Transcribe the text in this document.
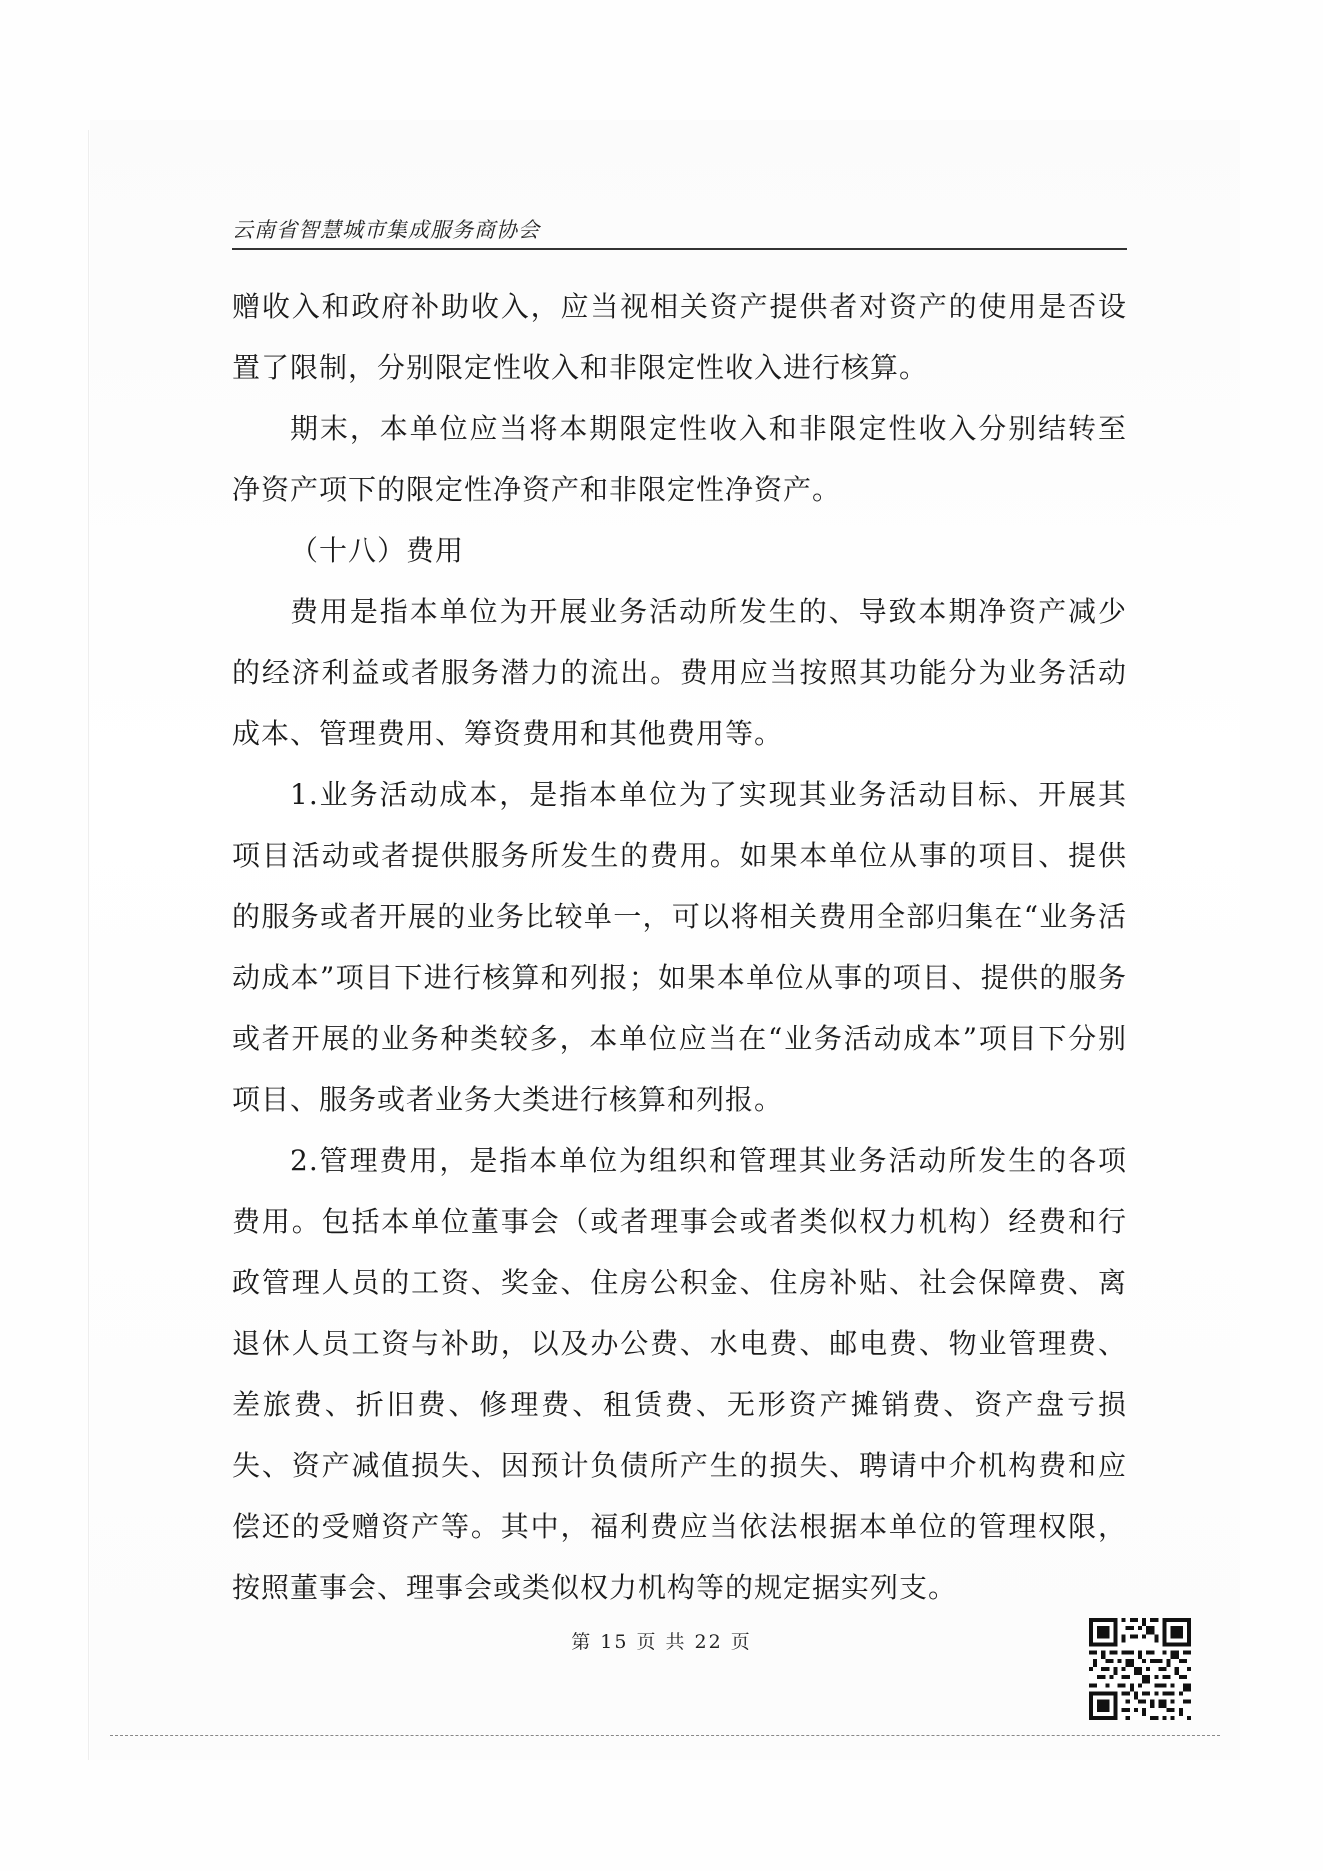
云南省智慧城市集成服务商协会

赠收入和政府补助收入，应当视相关资产提供者对资产的使用是否设置了限制，分别限定性收入和非限定性收入进行核算。

期末，本单位应当将本期限定性收入和非限定性收入分别结转至净资产项下的限定性净资产和非限定性净资产。

（十八）费用

费用是指本单位为开展业务活动所发生的、导致本期净资产减少的经济利益或者服务潜力的流出。费用应当按照其功能分为业务活动成本、管理费用、筹资费用和其他费用等。

1.业务活动成本，是指本单位为了实现其业务活动目标、开展其项目活动或者提供服务所发生的费用。如果本单位从事的项目、提供的服务或者开展的业务比较单一，可以将相关费用全部归集在“业务活动成本”项目下进行核算和列报；如果本单位从事的项目、提供的服务或者开展的业务种类较多，本单位应当在“业务活动成本”项目下分别项目、服务或者业务大类进行核算和列报。

2.管理费用，是指本单位为组织和管理其业务活动所发生的各项费用。包括本单位董事会（或者理事会或者类似权力机构）经费和行政管理人员的工资、奖金、住房公积金、住房补贴、社会保障费、离退休人员工资与补助，以及办公费、水电费、邮电费、物业管理费、差旅费、折旧费、修理费、租赁费、无形资产摊销费、资产盘亏损失、资产减值损失、因预计负债所产生的损失、聘请中介机构费和应偿还的受赠资产等。其中，福利费应当依法根据本单位的管理权限，按照董事会、理事会或类似权力机构等的规定据实列支。

第 15 页 共 22 页
